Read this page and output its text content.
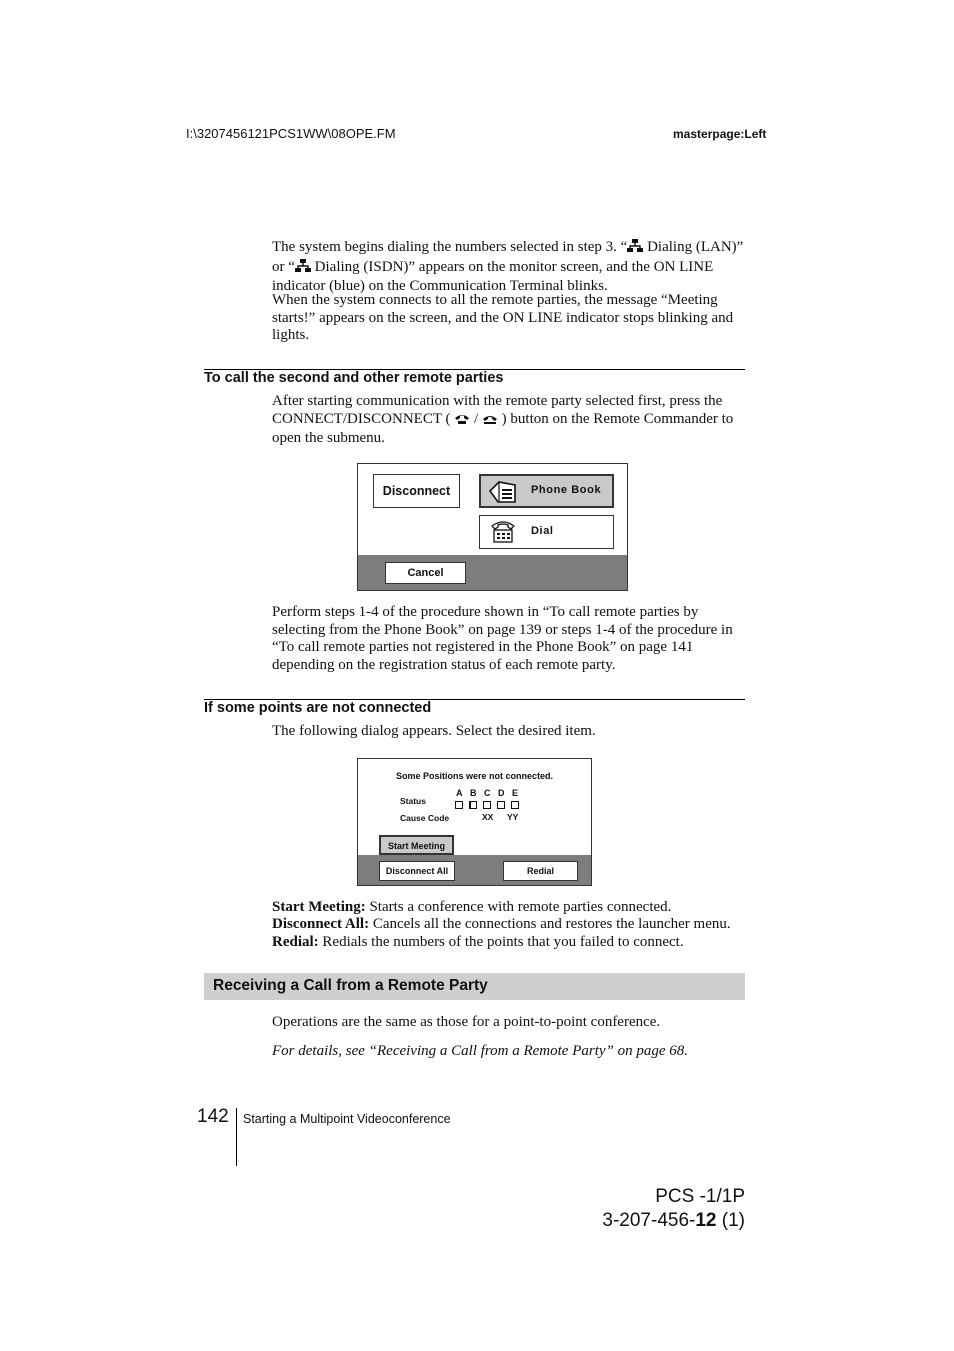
I:\3207456121PCS1WW\08OPE.FM	masterpage:Left
The system begins dialing the numbers selected in step 3. “ Dialing (LAN)” or “ Dialing (ISDN)” appears on the monitor screen, and the ON LINE indicator (blue) on the Communication Terminal blinks.
When the system connects to all the remote parties, the message “Meeting starts!” appears on the screen, and the ON LINE indicator stops blinking and lights.
To call the second and other remote parties
After starting communication with the remote party selected first, press the CONNECT/DISCONNECT ( / ) button on the Remote Commander to open the submenu.
Disconnect	Phone Book
Dial
Cancel
Perform steps 1-4 of the procedure shown in “To call remote parties by selecting from the Phone Book” on page 139 or steps 1-4 of the procedure in “To call remote parties not registered in the Phone Book” on page 141 depending on the registration status of each remote party.
If some points are not connected
The following dialog appears. Select the desired item.
Some Positions were not connected.
A B C D E
Status
Cause Code	XX YY
Start Meeting
Disconnect All	Redial
Start Meeting: Starts a conference with remote parties connected.
Disconnect All: Cancels all the connections and restores the launcher menu.
Redial: Redials the numbers of the points that you failed to connect.
Receiving a Call from a Remote Party
Operations are the same as those for a point-to-point conference.
For details, see “Receiving a Call from a Remote Party” on page 68.
142 Starting a Multipoint Videoconference
PCS -1/1P
3-207-456-12 (1)
